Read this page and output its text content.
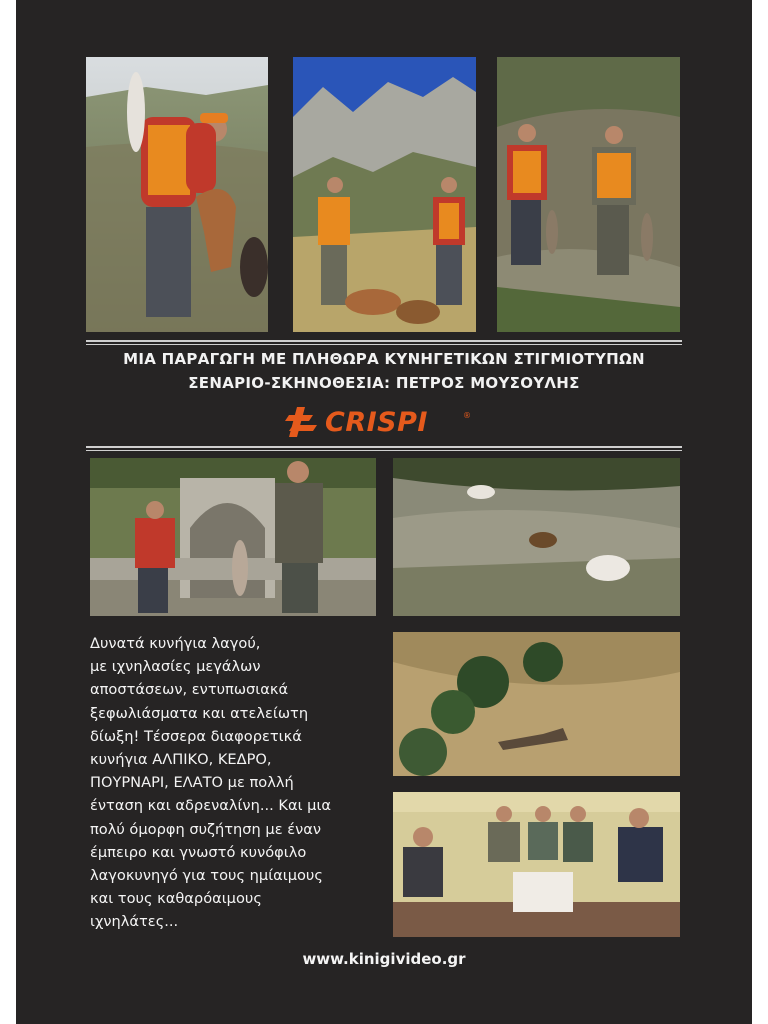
ΜΙΑ ΠΑΡΑΓΩΓΗ ΜΕ ΠΛΗΘΩΡΑ ΚΥΝΗΓΕΤΙΚΩΝ ΣΤΙΓΜΙΟΤΥΠΩΝ
ΣΕΝΑΡΙΟ-ΣΚΗΝΟΘΕΣΙΑ: ΠΕΤΡΟΣ ΜΟΥΣΟΥΛΗΣ
CRISPI	®
Δυνατά κυνήγια λαγού,
με ιχνηλασίες μεγάλων
αποστάσεων, εντυπωσιακά
ξεφωλιάσματα και ατελείωτη
δίωξη! Τέσσερα διαφορετικά
κυνήγια ΑΛΠΙΚΟ, ΚΕΔΡΟ,
ΠΟΥΡΝΑΡΙ, ΕΛΑΤΟ με πολλή
ένταση και αδρεναλίνη... Και μια
πολύ όμορφη συζήτηση με έναν
έμπειρο και γνωστό κυνόφιλο
λαγοκυνηγό για τους ημίαιμους
και τους καθαρόαιμους
ιχνηλάτες...
www.kinigivideo.gr
